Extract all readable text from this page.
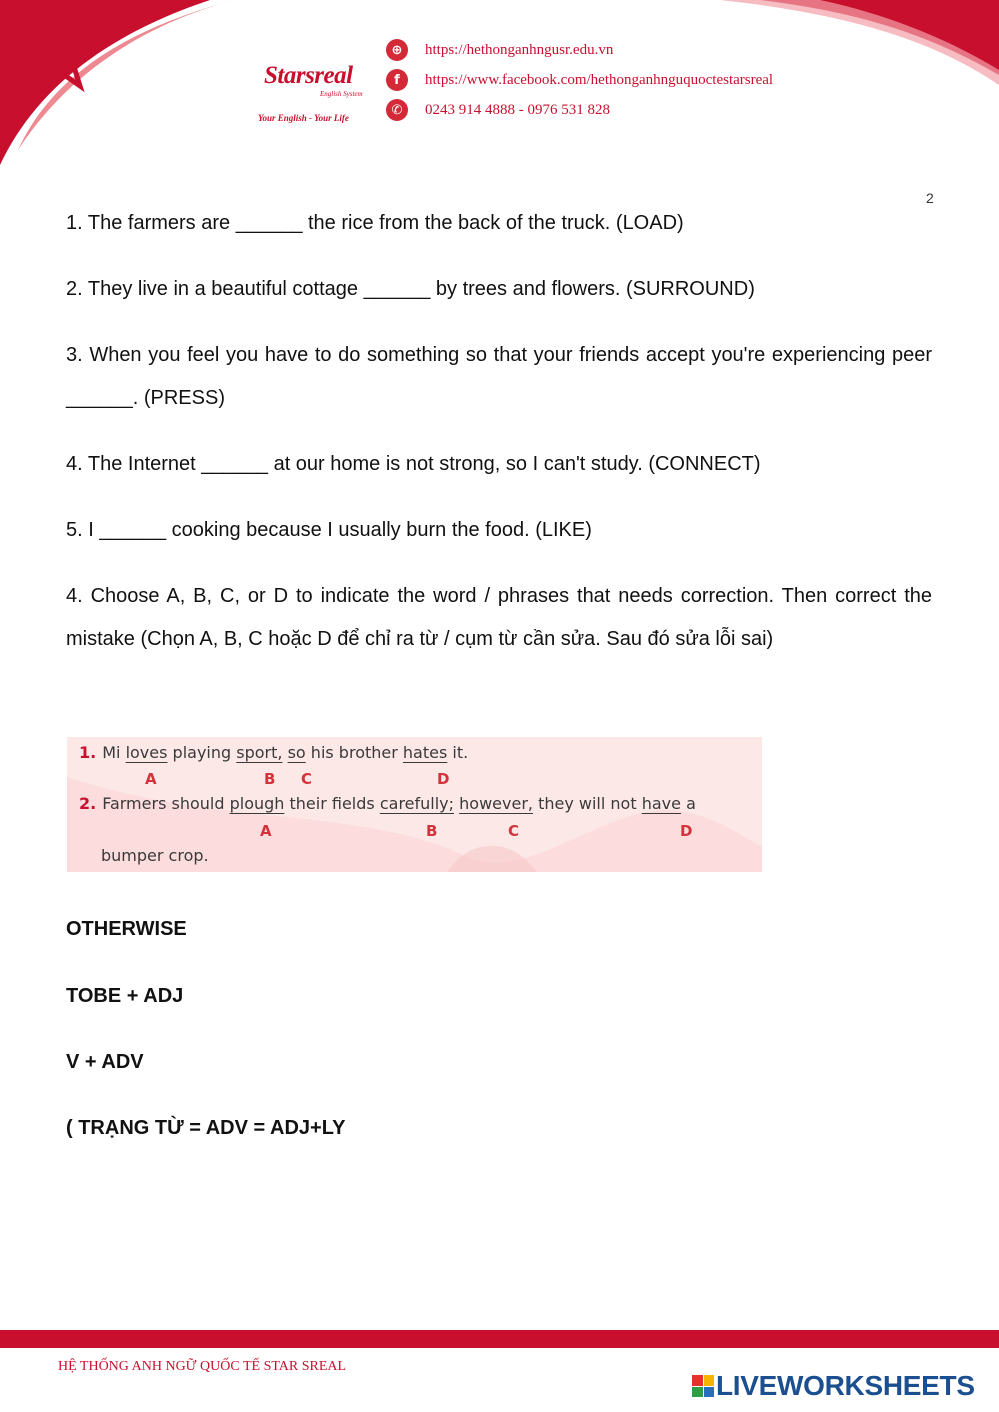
Starsreal
English System
Your English - Your Life
⊕	https://hethonganhngusr.edu.vn
f	https://www.facebook.com/hethonganhnguquoctestarsreal
✆	0243 914 4888 - 0976 531 828
2
1. The farmers are ______ the rice from the back of the truck. (LOAD)
2. They live in a beautiful cottage ______ by trees and flowers. (SURROUND)

3. When you feel you have to do something so that your friends accept you're experiencing peer ______. (PRESS)

4. The Internet ______ at our home is not strong, so I can't study. (CONNECT)
5. I ______ cooking because I usually burn the food. (LIKE)

4. Choose A, B, C, or D to indicate the word / phrases that needs correction. Then correct the mistake (Chọn A, B, C hoặc D để chỉ ra từ / cụm từ cần sửa. Sau đó sửa lỗi sai)

1. Mi loves playing sport, so his brother hates it.
A	B C	D
2. Farmers should plough their fields carefully; however, they will not have a
A	B	C	D
bumper crop.
OTHERWISE
TOBE + ADJ
V + ADV
( TRẠNG TỪ = ADV = ADJ+LY
HỆ THỐNG ANH NGỮ QUỐC TẾ STAR SREAL
LIVEWORKSHEETS
